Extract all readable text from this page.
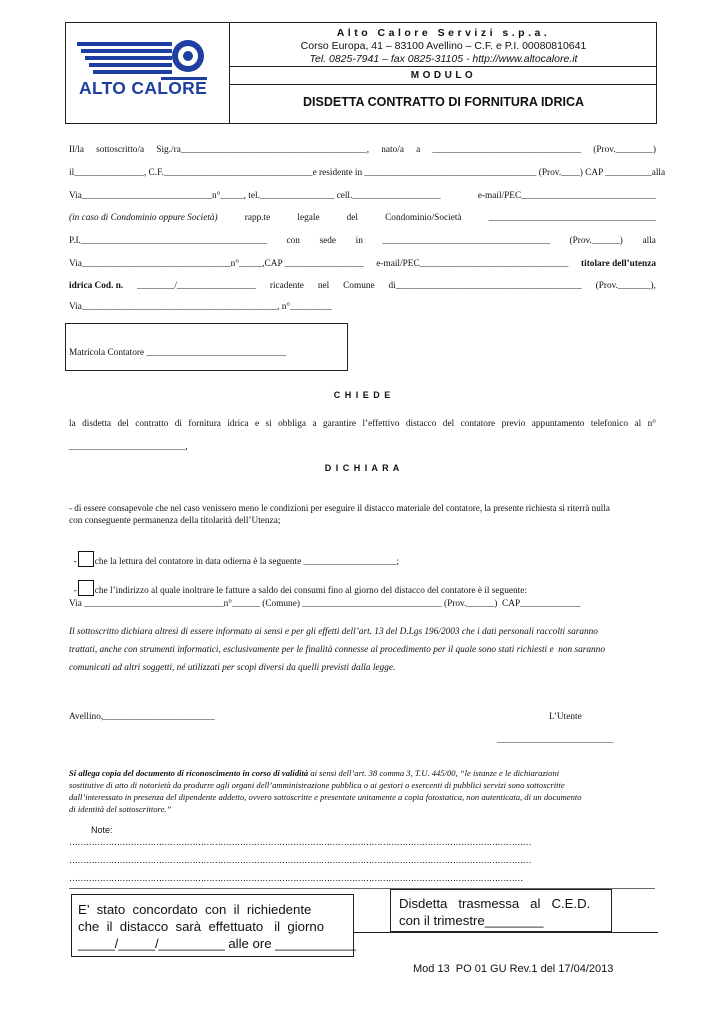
ALTO CALORE
Alto Calore Servizi s.p.a.
Corso Europa, 41 – 83100 Avellino – C.F. e P.I. 00080810641
Tel. 0825-7941 – fax 0825-31105 - http://www.altocalore.it
MODULO
DISDETTA CONTRATTO DI FORNITURA IDRICA
Il/la sottoscritto/a Sig./ra________________________________________, nato/a a ________________________________ (Prov.________)
il_______________, C.F.________________________________e residente in _____________________________________ (Prov.____) CAP __________ alla
Via____________________________n°_____, tel.________________ cell.___________________	e-mail/PEC_____________________________
(in caso di Condominio oppure Società)	rapp.te	legale	del	Condominio/Società	____________________________________
P.I.________________________________________ con sede in ____________________________________ (Prov.______) alla
Via________________________________n°_____,CAP _________________ e-mail/PEC________________________________ titolare dell’utenza
idrica Cod. n. ________/_________________ ricadente nel Comune di________________________________________ (Prov._______),
Via__________________________________________, n°_________
Matricola Contatore ______________________________
C H I E D E
la disdetta del contratto di fornitura idrica e si obbliga a garantire l’effettivo distacco del contatore previo appuntamento telefonico al n°
_________________________,
D I C H I A R A
- di essere consapevole che nel caso venissero meno le condizioni per eseguire il distacco materiale del contatore, la presente richiesta si riterrà nulla
con conseguente permanenza della titolarità dell’Utenza;

- che la lettura del contatore in data odierna è la seguente ____________________;

- che l’indirizzo al quale inoltrare le fatture a saldo dei consumi fino al giorno del distacco del contatore è il seguente:

Via ______________________________n°______ (Comune) ______________________________ (Prov.______)  CAP_____________
Il sottoscritto dichiara altresì di essere informato ai sensi e per gli effetti dell’art. 13 del D.Lgs 196/2003 che i dati personali raccolti saranno
trattati, anche con strumenti informatici, esclusivamente per le finalità connesse al procedimento per il quale sono stati richiesti e  non saranno
comunicati ad altri soggetti, né utilizzati per scopi diversi da quelli previsti dalla legge.
Avellino,________________________	L’Utente
_________________________
Si allega copia del documento di riconoscimento in corso di validità ai sensi dell’art. 38 comma 3, T.U. 445/00, “le istanze e le dichiarazioni
sostitutive di atto di notorietà da produrre agli organi dell’amministrazione pubblica o ai gestori o esercenti di pubblici servizi sono sottoscritte
dall’interessato in presenza del dipendente addetto, ovvero sottoscritte e presentate unitamente a copia fotostatica, non autenticata, di un documento
di identità del sottoscrittore.”
Note:
…………………………………………………………………………………………………………………………………………………
…………………………………………………………………………………………………………………………………………………
………………………………………………………………………………………………………………………………………………
E’  stato  concordato  con  il  richiedente
che  il  distacco  sarà  effettuato   il  giorno
_____/_____/_________ alle ore ___________
Disdetta   trasmessa   al   C.E.D.
con il trimestre________
Mod 13  PO 01 GU Rev.1 del 17/04/2013
